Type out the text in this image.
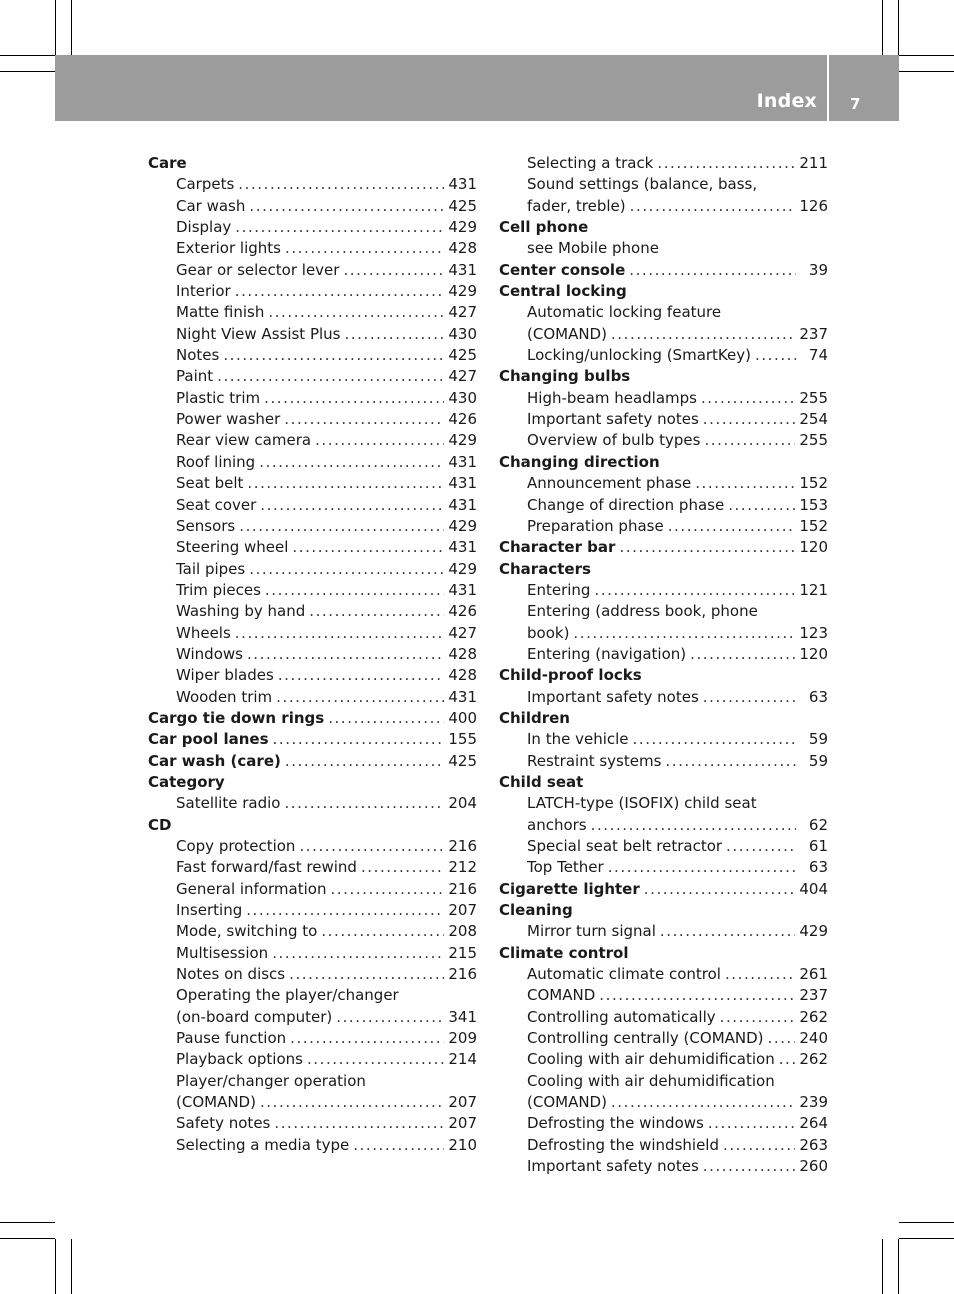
Index 7
Care
Carpets . . .	431
Car wash . . .	425
Display . . .	429
Exterior lights . . .	428
Gear or selector lever . . .	431
Interior . . .	429
Matte finish . . .	427
Night View Assist Plus . . .	430
Notes . . .	425
Paint . . .	427
Plastic trim . . .	430
Power washer . . .	426
Rear view camera . . .	429
Roof lining . . .	431
Seat belt . . .	431
Seat cover . . .	431
Sensors . . .	429
Steering wheel . . .	431
Tail pipes . . .	429
Trim pieces . . .	431
Washing by hand . . .	426
Wheels . . .	427
Windows . . .	428
Wiper blades . . .	428
Wooden trim . . .	431
Cargo tie down rings . . .	400
Car pool lanes . . .	155
Car wash (care) . . .	425
Category
Satellite radio . . .	204
CD
Copy protection . . .	216
Fast forward/fast rewind . . .	212
General information . . .	216
Inserting . . .	207
Mode, switching to . . .	208
Multisession . . .	215
Notes on discs . . .	216
Operating the player/changer
(on-board computer) . . .	341
Pause function . . .	209
Playback options . . .	214
Player/changer operation
(COMAND) . . .	207
Safety notes . . .	207
Selecting a media type . . .	210
Selecting a track . . .	211
Sound settings (balance, bass,
fader, treble) . . .	126
Cell phone
see Mobile phone
Center console . . .	39
Central locking
Automatic locking feature
(COMAND) . . .	237
Locking/unlocking (SmartKey) . . .	74
Changing bulbs
High-beam headlamps . . .	255
Important safety notes . . .	254
Overview of bulb types . . .	255
Changing direction
Announcement phase . . .	152
Change of direction phase . . .	153
Preparation phase . . .	152
Character bar . . .	120
Characters
Entering . . .	121
Entering (address book, phone
book) . . .	123
Entering (navigation) . . .	120
Child-proof locks
Important safety notes . . .	63
Children
In the vehicle . . .	59
Restraint systems . . .	59
Child seat
LATCH-type (ISOFIX) child seat
anchors . . .	62
Special seat belt retractor . . .	61
Top Tether . . .	63
Cigarette lighter . . .	404
Cleaning
Mirror turn signal . . .	429
Climate control
Automatic climate control . . .	261
COMAND . . .	237
Controlling automatically . . .	262
Controlling centrally (COMAND) . . . 240
Cooling with air dehumidification . . . 262
Cooling with air dehumidification
(COMAND) . . .	239
Defrosting the windows . . .	264
Defrosting the windshield . . .	263
Important safety notes . . .	260
